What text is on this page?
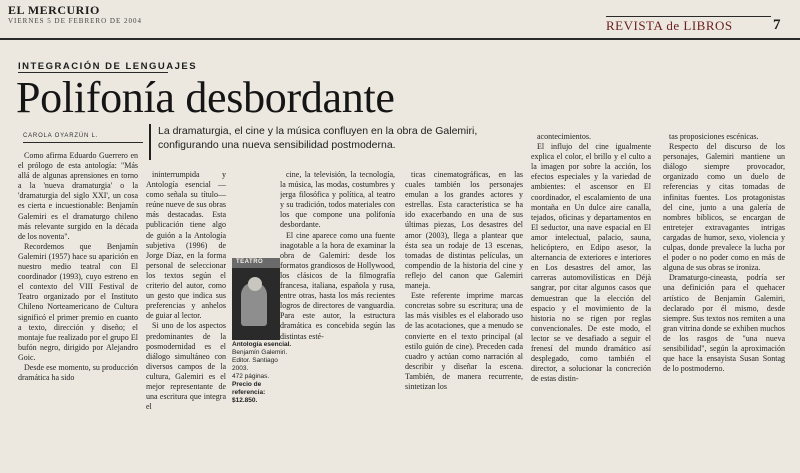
EL MERCURIO
VIERNES 5 DE FEBRERO DE 2004	REVISTA de LIBROS	7
INTEGRACIÓN DE LENGUAJES
Polifonía desbordante
CAROLA OYARZÚN L.	La dramaturgia, el cine y la música confluyen en la obra de Galemiri, configurando una nueva sensibilidad postmoderna.

Como afirma Eduardo Guerrero en el prólogo de esta antología: "Más allá de algunas aprensiones en torno a la 'nueva dramaturgia' o la 'dramaturgia del siglo XXI', un cosa es cierta e incuestionable: Benjamín Galemiri es el dramaturgo chileno más relevante surgido en la década de los noventa".

Recordemos que Benjamín Galemiri (1957) hace su aparición en nuestro medio teatral con El coordinador (1993), cuyo estreno en el contexto del VIII Festival de Teatro organizado por el Instituto Chileno Norteamericano de Cultura significó el primer premio en cuanto a texto, dirección y diseño; el montaje fue realizado por el grupo El bufón negro, dirigido por Alejandro Goic.

Desde ese momento, su producción dramática ha sido

ininterrumpida y Antología esencial —como señala su título— reúne nueve de sus obras más destacadas. Esta publicación tiene algo de guión a la Antología subjetiva (1996) de Jorge Díaz, en la forma personal de seleccionar los textos según el criterio del autor, como un gesto que indica sus preferencias y anhelos de guiar al lector.

Si uno de los aspectos predominantes de la posmodernidad es el diálogo simultáneo con diversos campos de la cultura, Galemiri es el mejor representante de una escritura que integra el

cine, la televisión, la tecnología, la música, las modas, costumbres y jerga filosófica y política, al teatro y su tradición, todos materiales con los que compone una polifonía desbordante.

El cine aparece como una fuente inagotable a la hora de examinar la obra de Galemiri: desde los formatos grandiosos de Hollywood, los clásicos de la filmografía francesa, italiana, española y rusa, entre otras, hasta los más recientes logros de directores de vanguardia. Para este autor, la estructura dramática es concebida según las distintas esté-

ticas cinematográficas, en las cuales también los personajes emulan a los grandes actores y estrellas. Esta característica se ha ido exacerbando en una de sus últimas piezas, Los desastres del amor (2003), llega a plantear que ésta sea un rodaje de 13 escenas, tomadas de distintas películas, un compendio de la historia del cine y reflejo del canon que Galemiri maneja.

Este referente imprime marcas concretas sobre su escritura; una de las más visibles es el elaborado uso de las acotaciones, que a menudo se convierte en el texto principal (al estilo guión de cine). Preceden cada cuadro y actúan como narración al describir y diseñar la escena. También, de manera recurrente, sintetizan los

acontecimientos.

El influjo del cine igualmente explica el color, el brillo y el culto a la imagen por sobre la acción, los efectos especiales y la variedad de ambientes: el ascensor en El coordinador, el escalamiento de una montaña en Un dulce aire canalla, tejados, oficinas y departamentos en El seductor, una nave espacial en El amor intelectual, palacio, sauna, helicóptero, en Edipo asesor, la alternancia de exteriores e interiores en Los desastres del amor, las carreras automovilísticas en Déjà sangrar, por citar algunos casos que demuestran que la elección del espacio y el movimiento de la historia no se rigen por reglas convencionales. De este modo, el lector se ve desafiado a seguir el frenesí del mundo dramático así desplegado, como también el director, a solucionar la concreción de estas distin-

tas proposiciones escénicas.

Respecto del discurso de los personajes, Galemiri mantiene un diálogo siempre provocador, organizado como un duelo de referencias y citas tomadas de infinitas fuentes. Los protagonistas del cine, junto a una galería de nombres bíblicos, se encargan de entretejer extravagantes intrigas cargadas de humor, sexo, violencia y culpas, donde prevalece la lucha por el poder o no poder como en más de alguna de sus obras se ironiza.

Dramaturgo-cineasta, podría ser una definición para el quehacer artístico de Benjamín Galemiri, declarado por él mismo, desde siempre. Sus textos nos remiten a una gran vitrina donde se exhiben muchos de los rasgos de "una nueva sensibilidad", según la aproximación que hace la ensayista Susan Sontag de lo postmoderno.

TEATRO
Antología esencial.
Benjamín Galemiri.
Editor. Santiago
2003.
472 páginas.
Precio de referencia: $12.850.
